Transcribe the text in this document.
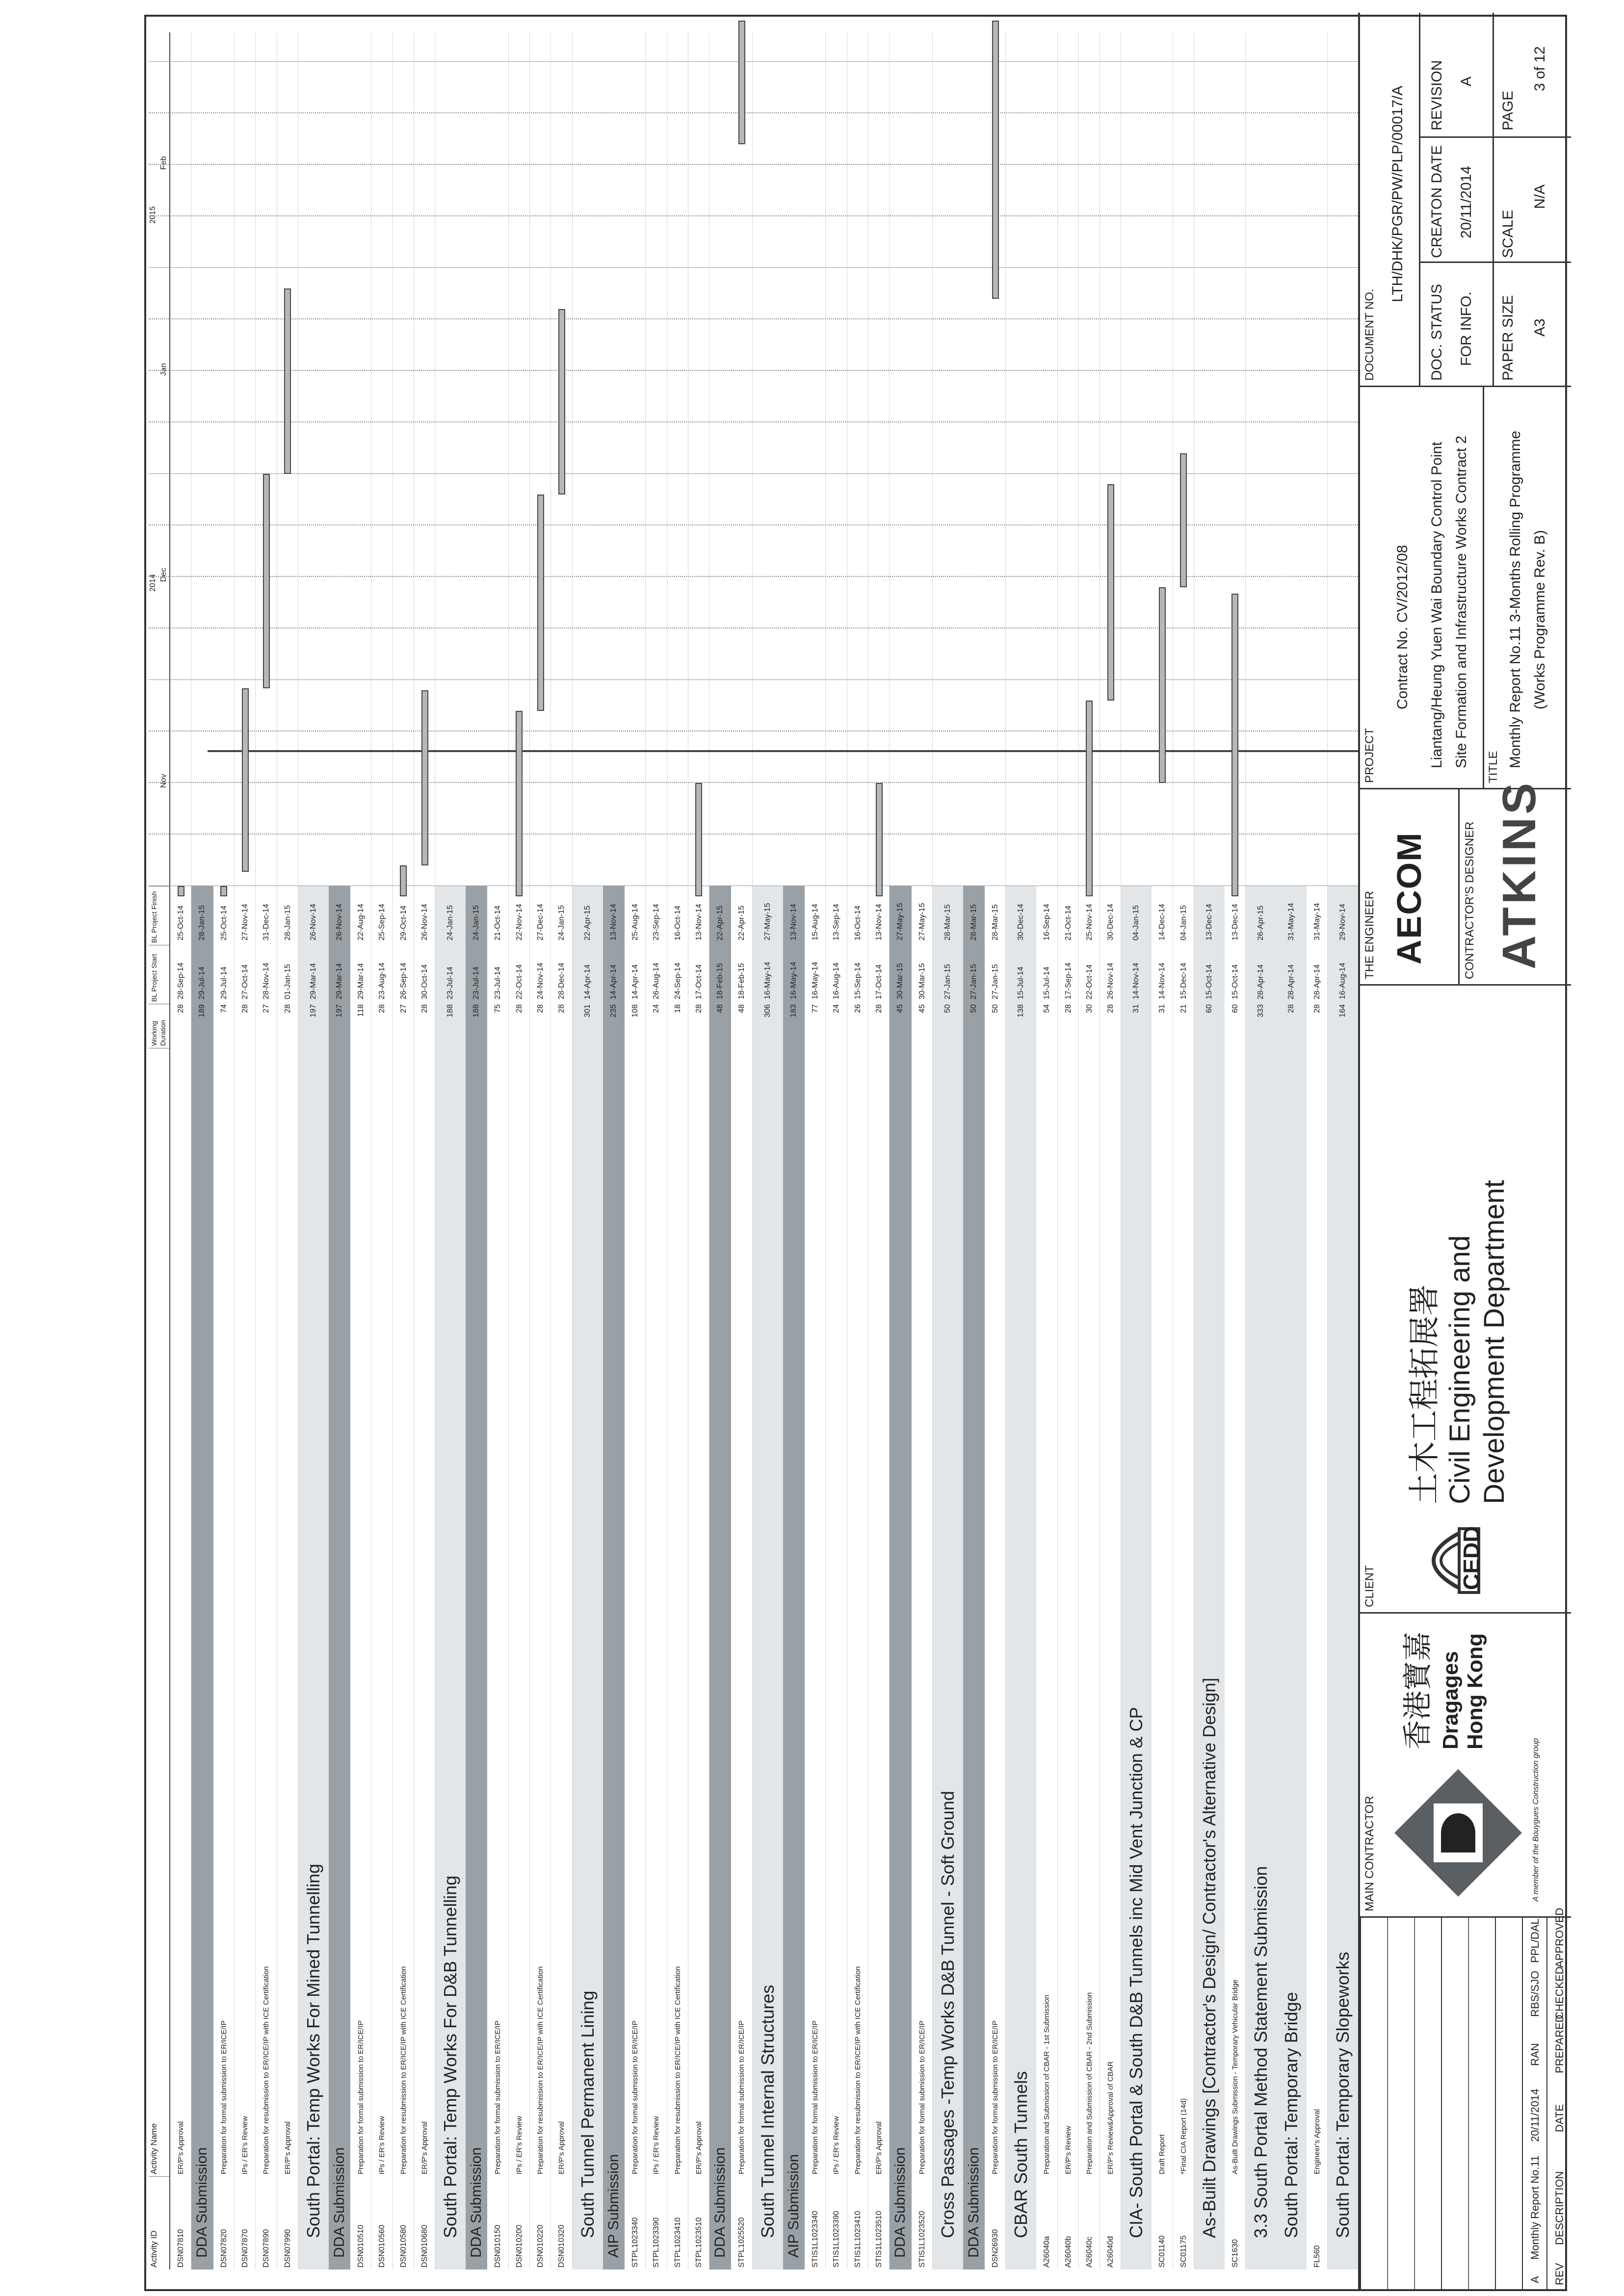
Activity ID
Activity Name
Working Duration
BL Project Start
BL Project Finish
2014
2015
Nov
Dec
Jan
Feb
DSN07810
ER/P's Approval
28
28-Sep-14
25-Oct-14
DDA Submission
189
29-Jul-14
28-Jan-15
DSN07820
Preparation for formal submission to ER/ICE/IP
74
29-Jul-14
25-Oct-14
DSN07870
IPs / ER's Review
28
27-Oct-14
27-Nov-14
DSN07890
Preparation for resubmission to ER/ICE/IP with ICE Certification
27
28-Nov-14
31-Dec-14
DSN07990
ER/P's Approval
28
01-Jan-15
28-Jan-15
South Portal: Temp Works For Mined Tunnelling
197
29-Mar-14
26-Nov-14
DDA Submission
197
29-Mar-14
26-Nov-14
DSN010510
Preparation for formal submission to ER/ICE/IP
118
29-Mar-14
22-Aug-14
DSN010560
IPs / ER's Review
28
23-Aug-14
25-Sep-14
DSN010580
Preparation for resubmission to ER/ICE/IP with ICE Certification
27
26-Sep-14
29-Oct-14
DSN010680
ER/P's Approval
28
30-Oct-14
26-Nov-14
South Portal: Temp Works For D&B Tunnelling
188
23-Jul-14
24-Jan-15
DDA Submission
188
23-Jul-14
24-Jan-15
DSN010150
Preparation for formal submission to ER/ICE/IP
75
23-Jul-14
21-Oct-14
DSN010200
IPs / ER's Review
28
22-Oct-14
22-Nov-14
DSN010220
Preparation for resubmission to ER/ICE/IP with ICE Certification
28
24-Nov-14
27-Dec-14
DSN010320
ER/P's Approval
28
28-Dec-14
24-Jan-15
South Tunnel Permanent Lining
301
14-Apr-14
22-Apr-15
AIP Submission
235
14-Apr-14
13-Nov-14
STPL1023340
Preparation for formal submission to ER/ICE/IP
108
14-Apr-14
25-Aug-14
STPL1023390
IPs / ER's Review
24
26-Aug-14
23-Sep-14
STPL1023410
Preparation for resubmission to ER/ICE/IP with ICE Certification
18
24-Sep-14
16-Oct-14
STPL1023510
ER/P's Approval
28
17-Oct-14
13-Nov-14
DDA Submission
48
18-Feb-15
22-Apr-15
STPL1025520
Preparation for formal submission to ER/ICE/IP
48
18-Feb-15
22-Apr-15
South Tunnel Internal Structures
306
16-May-14
27-May-15
AIP Submission
183
16-May-14
13-Nov-14
STIS1L1023340
Preparation for formal submission to ER/ICE/IP
77
16-May-14
15-Aug-14
STIS1L1023390
IPs / ER's Review
24
16-Aug-14
13-Sep-14
STIS1L1023410
Preparation for resubmission to ER/ICE/IP with ICE Certification
26
15-Sep-14
16-Oct-14
STIS1L1023510
ER/P's Approval
28
17-Oct-14
13-Nov-14
DDA Submission
45
30-Mar-15
27-May-15
STIS1L1023520
Preparation for formal submission to ER/ICE/IP
45
30-Mar-15
27-May-15
Cross Passages -Temp Works D&B Tunnel - Soft Ground
50
27-Jan-15
28-Mar-15
DDA Submission
50
27-Jan-15
28-Mar-15
DSN26930
Preparation for formal submission to ER/ICE/IP
50
27-Jan-15
28-Mar-15
CBAR South Tunnels
138
15-Jul-14
30-Dec-14
A26040a
Preparation and Submission of CBAR - 1st Submission
54
15-Jul-14
16-Sep-14
A26040b
ER/P's Review
28
17-Sep-14
21-Oct-14
A26040c
Preparation and Submission of CBAR - 2nd Submission
30
22-Oct-14
25-Nov-14
A26040d
ER/P's Review&Approval of CBAR
28
26-Nov-14
30-Dec-14
CIA- South Portal & South D&B Tunnels inc Mid Vent Junction & CP
31
14-Nov-14
04-Jan-15
SC01140
Draft Report
31
14-Nov-14
14-Dec-14
SC01175
*Final CIA Report (14d)
21
15-Dec-14
04-Jan-15
As-Built Drawings [Contractor's Design/ Contractor's Alternative Design]
60
15-Oct-14
13-Dec-14
SC1630
As-Built Drawings Submission - Temporary Vehicular Bridge
60
15-Oct-14
13-Dec-14
3.3 South Portal Method Statement Submission
333
28-Apr-14
26-Apr-15
South Portal: Temporary Bridge
28
28-Apr-14
31-May-14
FL560
Engineer's Approval
28
28-Apr-14
31-May-14
South Portal: Temporary Slopeworks
164
16-Aug-14
29-Nov-14
A
Monthly Report No.11
20/11/2014
RAN
RBS/SJO
PPL/DAL
REV
DESCRIPTION
DATE
PREPARED
CHECKED
APPROVED
MAIN CONTRACTOR
香港寶嘉 Dragages Hong Kong
A member of the Bouygues Construction group
CLIENT	CEDD
土木工程拓展署 Civil Engineering and Development Department
THE ENGINEER AECOM	CONTRACTOR'S DESIGNER ATKINS
PROJECT
Contract No. CV/2012/08 Liantang/Heung Yuen Wai Boundary Control Point Site Formation and Infrastructure Works Contract 2 TITLE Monthly Report No.11 3-Months Rolling Programme (Works Programme Rev. B)
DOCUMENT NO.
LTH/DHK/PGR/PW/PLP/00017/A
DOC. STATUS FOR INFO.
CREATON DATE 20/11/2014
REVISION A
PAPER SIZE A3
SCALE
N/A
PAGE
3 of 12
